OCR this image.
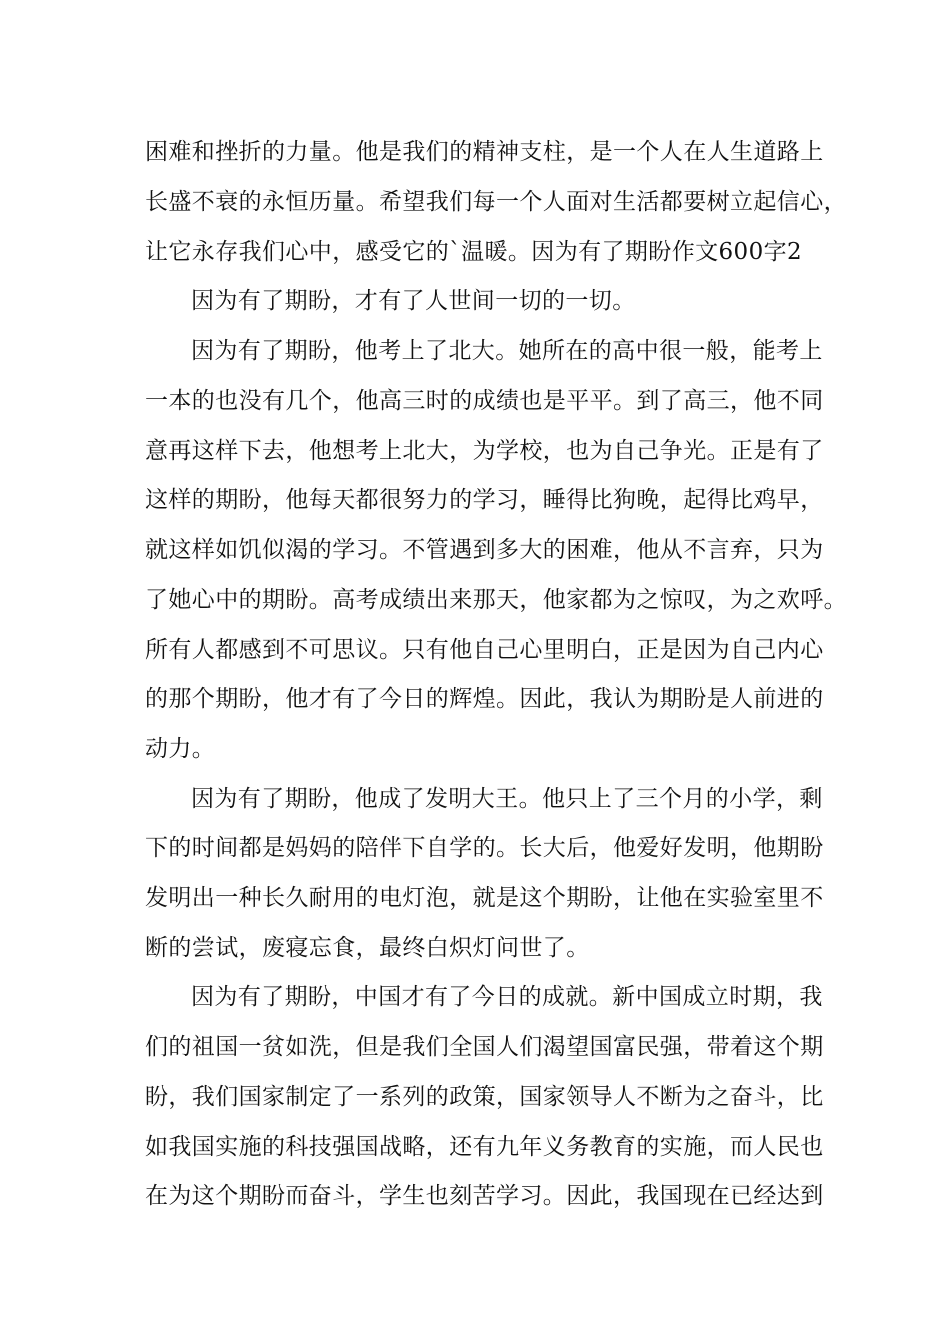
困难和挫折的力量。他是我们的精神支柱，是一个人在人生道路上
长盛不衰的永恒历量。希望我们每一个人面对生活都要树立起信心，
让它永存我们心中，感受它的`温暖。因为有了期盼作文600字2
因为有了期盼，才有了人世间一切的一切。
因为有了期盼，他考上了北大。她所在的高中很一般，能考上
一本的也没有几个，他高三时的成绩也是平平。到了高三，他不同
意再这样下去，他想考上北大，为学校，也为自己争光。正是有了
这样的期盼，他每天都很努力的学习，睡得比狗晚，起得比鸡早，
就这样如饥似渴的学习。不管遇到多大的困难，他从不言弃，只为
了她心中的期盼。高考成绩出来那天，他家都为之惊叹，为之欢呼。
所有人都感到不可思议。只有他自己心里明白，正是因为自己内心
的那个期盼，他才有了今日的辉煌。因此，我认为期盼是人前进的
动力。
因为有了期盼，他成了发明大王。他只上了三个月的小学，剩
下的时间都是妈妈的陪伴下自学的。长大后，他爱好发明，他期盼
发明出一种长久耐用的电灯泡，就是这个期盼，让他在实验室里不
断的尝试，废寝忘食，最终白炽灯问世了。
因为有了期盼，中国才有了今日的成就。新中国成立时期，我
们的祖国一贫如洗，但是我们全国人们渴望国富民强，带着这个期
盼，我们国家制定了一系列的政策，国家领导人不断为之奋斗，比
如我国实施的科技强国战略，还有九年义务教育的实施，而人民也
在为这个期盼而奋斗，学生也刻苦学习。因此，我国现在已经达到
